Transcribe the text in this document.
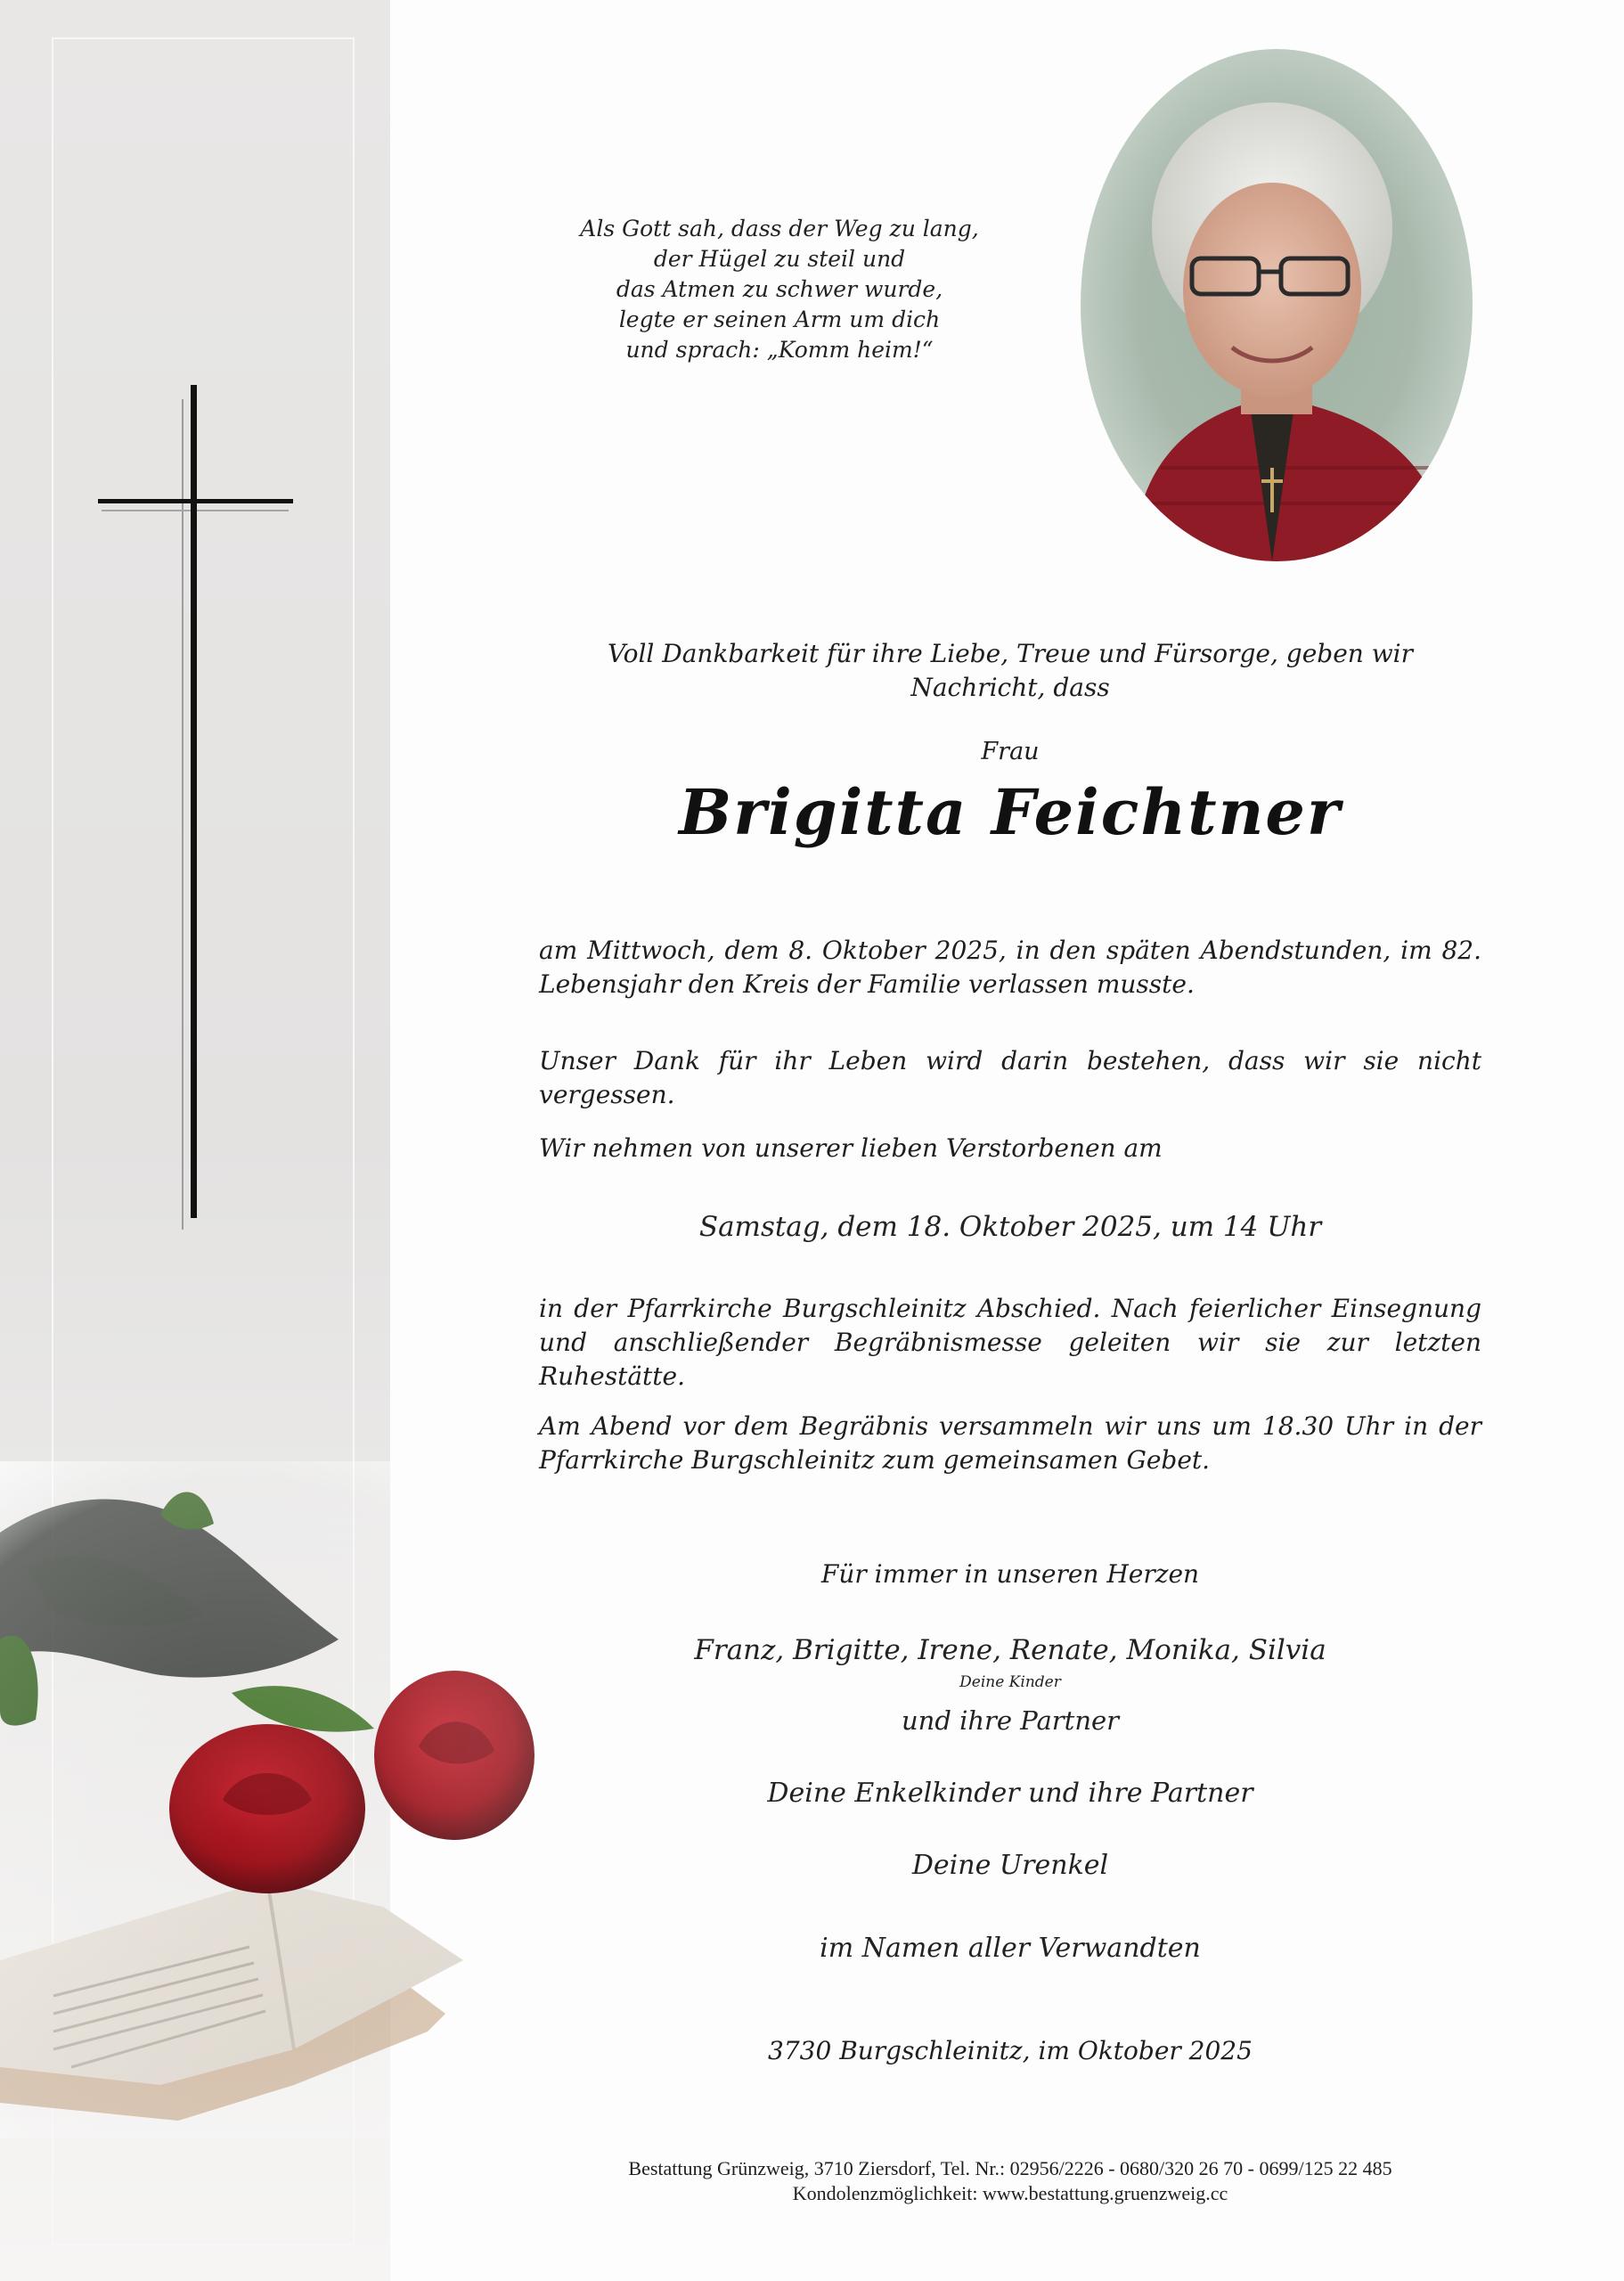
Als Gott sah, dass der Weg zu lang,
der Hügel zu steil und
das Atmen zu schwer wurde,
legte er seinen Arm um dich
und sprach: „Komm heim!“
Voll Dankbarkeit für ihre Liebe, Treue und Fürsorge, geben wir Nachricht, dass
Frau
Brigitta Feichtner
am Mittwoch, dem 8. Oktober 2025, in den späten Abendstunden, im 82. Lebensjahr den Kreis der Familie verlassen musste.
Unser Dank für ihr Leben wird darin bestehen, dass wir sie nicht vergessen.
Wir nehmen von unserer lieben Verstorbenen am
Samstag, dem 18. Oktober 2025, um 14 Uhr
in der Pfarrkirche Burgschleinitz Abschied. Nach feierlicher Einsegnung und anschließender Begräbnismesse geleiten wir sie zur letzten Ruhestätte.
Am Abend vor dem Begräbnis versammeln wir uns um 18.30 Uhr in der Pfarrkirche Burgschleinitz zum gemeinsamen Gebet.
Für immer in unseren Herzen
Franz, Brigitte, Irene, Renate, Monika, Silvia
Deine Kinder
und ihre Partner
Deine Enkelkinder und ihre Partner
Deine Urenkel
im Namen aller Verwandten
3730 Burgschleinitz, im Oktober 2025
Bestattung Grünzweig, 3710 Ziersdorf, Tel. Nr.: 02956/2226 - 0680/320 26 70 - 0699/125 22 485
Kondolenzmöglichkeit: www.bestattung.gruenzweig.cc
